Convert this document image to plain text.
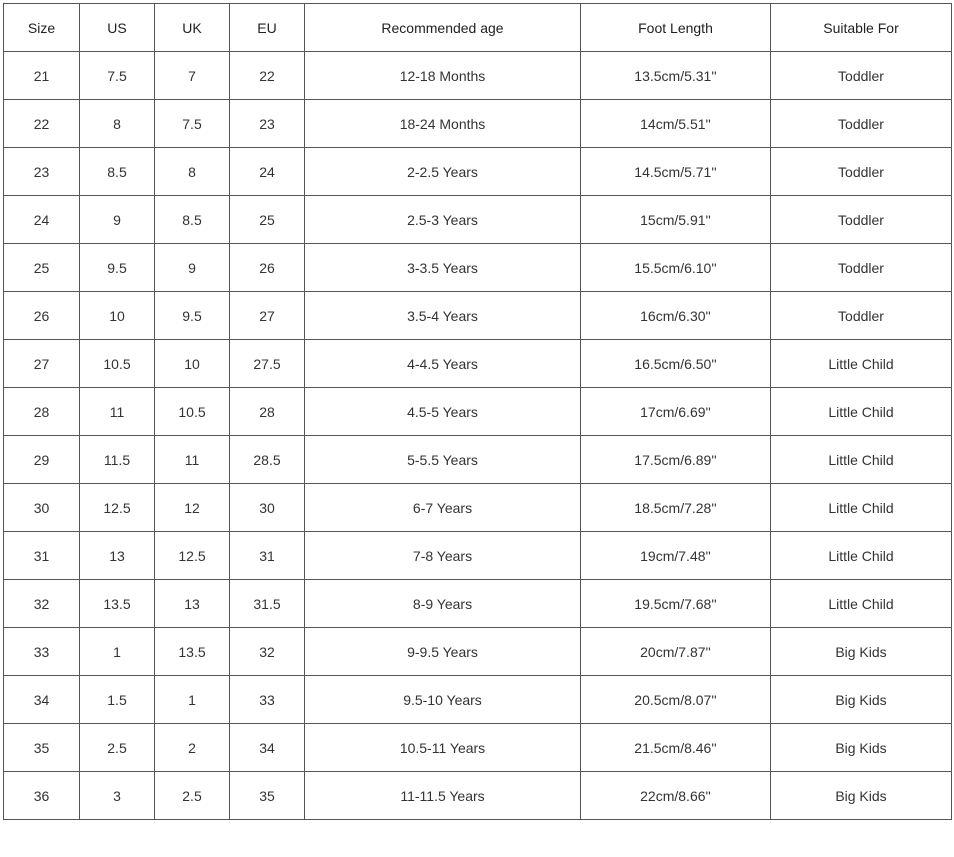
Size	US	UK	EU	Recommended age	Foot Length	Suitable For
21	7.5	7	22	12-18 Months	13.5cm/5.31''	Toddler
22	8	7.5	23	18-24 Months	14cm/5.51''	Toddler
23	8.5	8	24	2-2.5 Years	14.5cm/5.71''	Toddler
24	9	8.5	25	2.5-3 Years	15cm/5.91''	Toddler
25	9.5	9	26	3-3.5 Years	15.5cm/6.10''	Toddler
26	10	9.5	27	3.5-4 Years	16cm/6.30''	Toddler
27	10.5	10	27.5	4-4.5 Years	16.5cm/6.50''	Little Child
28	11	10.5	28	4.5-5 Years	17cm/6.69''	Little Child
29	11.5	11	28.5	5-5.5 Years	17.5cm/6.89''	Little Child
30	12.5	12	30	6-7 Years	18.5cm/7.28''	Little Child
31	13	12.5	31	7-8 Years	19cm/7.48''	Little Child
32	13.5	13	31.5	8-9 Years	19.5cm/7.68''	Little Child
33	1	13.5	32	9-9.5 Years	20cm/7.87''	Big Kids
34	1.5	1	33	9.5-10 Years	20.5cm/8.07''	Big Kids
35	2.5	2	34	10.5-11 Years	21.5cm/8.46''	Big Kids
36	3	2.5	35	11-11.5 Years	22cm/8.66''	Big Kids
